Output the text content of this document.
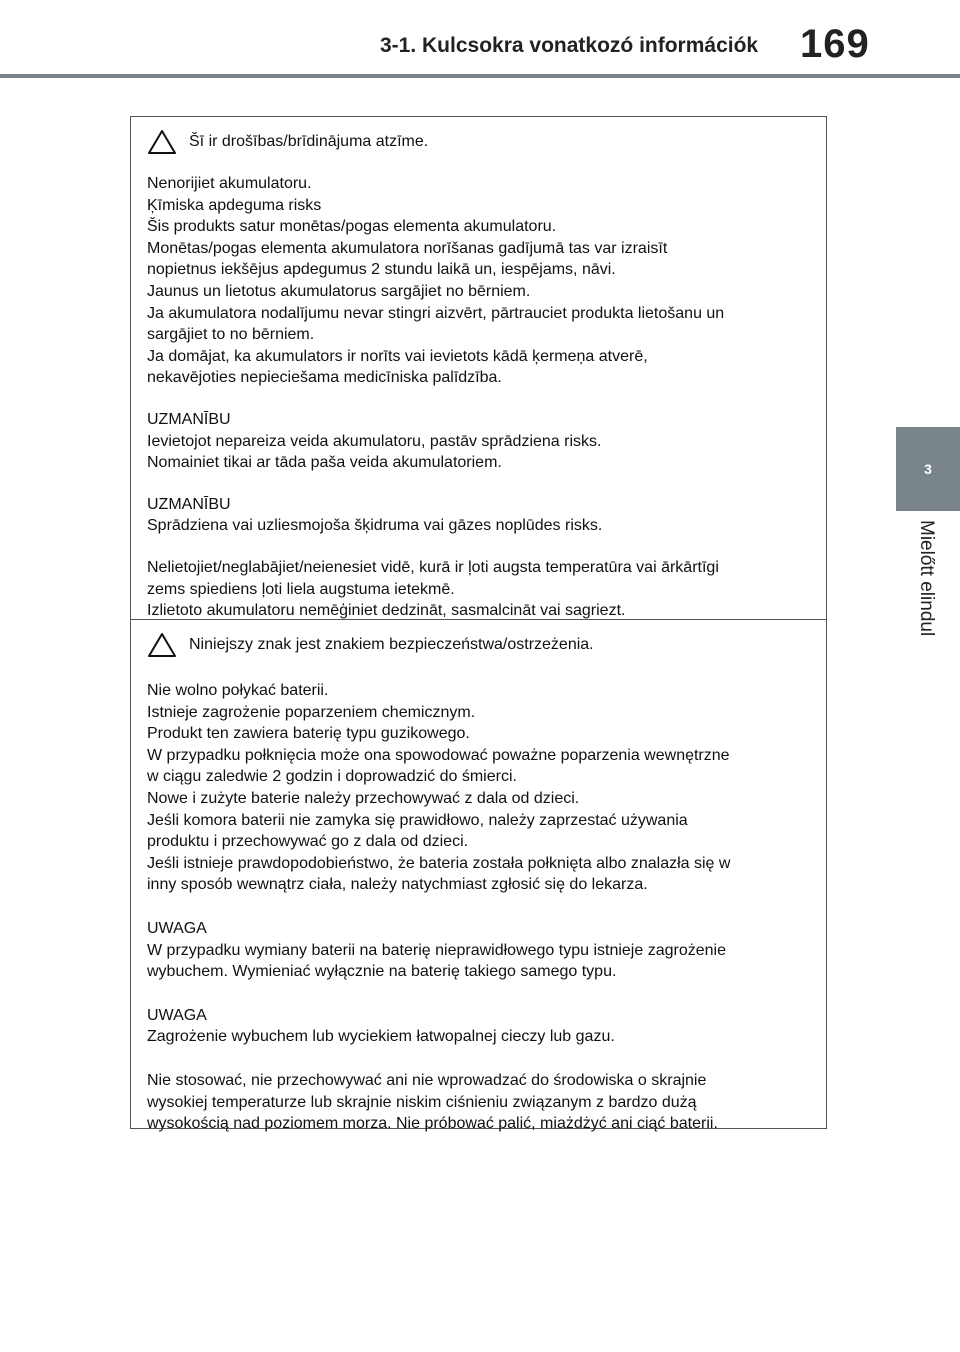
3-1. Kulcsokra vonatkozó információk	169
3
Mielőtt elindul
Šī ir drošības/brīdinājuma atzīme.
Nenorijiet akumulatoru.
Ķīmiska apdeguma risks
Šis produkts satur monētas/pogas elementa akumulatoru.
Monētas/pogas elementa akumulatora norīšanas gadījumā tas var izraisīt
nopietnus iekšējus apdegumus 2 stundu laikā un, iespējams, nāvi.
Jaunus un lietotus akumulatorus sargājiet no bērniem.
Ja akumulatora nodalījumu nevar stingri aizvērt, pārtrauciet produkta lietošanu un
sargājiet to no bērniem.
Ja domājat, ka akumulators ir norīts vai ievietots kādā ķermeņa atverē,
nekavējoties nepieciešama medicīniska palīdzība.
UZMANĪBU
Ievietojot nepareiza veida akumulatoru, pastāv sprādziena risks.
Nomainiet tikai ar tāda paša veida akumulatoriem.
UZMANĪBU
Sprādziena vai uzliesmojoša šķidruma vai gāzes noplūdes risks.
Nelietojiet/neglabājiet/neienesiet vidē, kurā ir ļoti augsta temperatūra vai ārkārtīgi
zems spiediens ļoti liela augstuma ietekmē.
Izlietoto akumulatoru nemēģiniet dedzināt, sasmalcināt vai sagriezt.
Niniejszy znak jest znakiem bezpieczeństwa/ostrzeżenia.
Nie wolno połykać baterii.
Istnieje zagrożenie poparzeniem chemicznym.
Produkt ten zawiera baterię typu guzikowego.
W przypadku połknięcia może ona spowodować poważne poparzenia wewnętrzne
w ciągu zaledwie 2 godzin i doprowadzić do śmierci.
Nowe i zużyte baterie należy przechowywać z dala od dzieci.
Jeśli komora baterii nie zamyka się prawidłowo, należy zaprzestać używania
produktu i przechowywać go z dala od dzieci.
Jeśli istnieje prawdopodobieństwo, że bateria została połknięta albo znalazła się w
inny sposób wewnątrz ciała, należy natychmiast zgłosić się do lekarza.
UWAGA
W przypadku wymiany baterii na baterię nieprawidłowego typu istnieje zagrożenie
wybuchem. Wymieniać wyłącznie na baterię takiego samego typu.
UWAGA
Zagrożenie wybuchem lub wyciekiem łatwopalnej cieczy lub gazu.
Nie stosować, nie przechowywać ani nie wprowadzać do środowiska o skrajnie
wysokiej temperaturze lub skrajnie niskim ciśnieniu związanym z bardzo dużą
wysokością nad poziomem morza. Nie próbować palić, miażdżyć ani ciąć baterii.
